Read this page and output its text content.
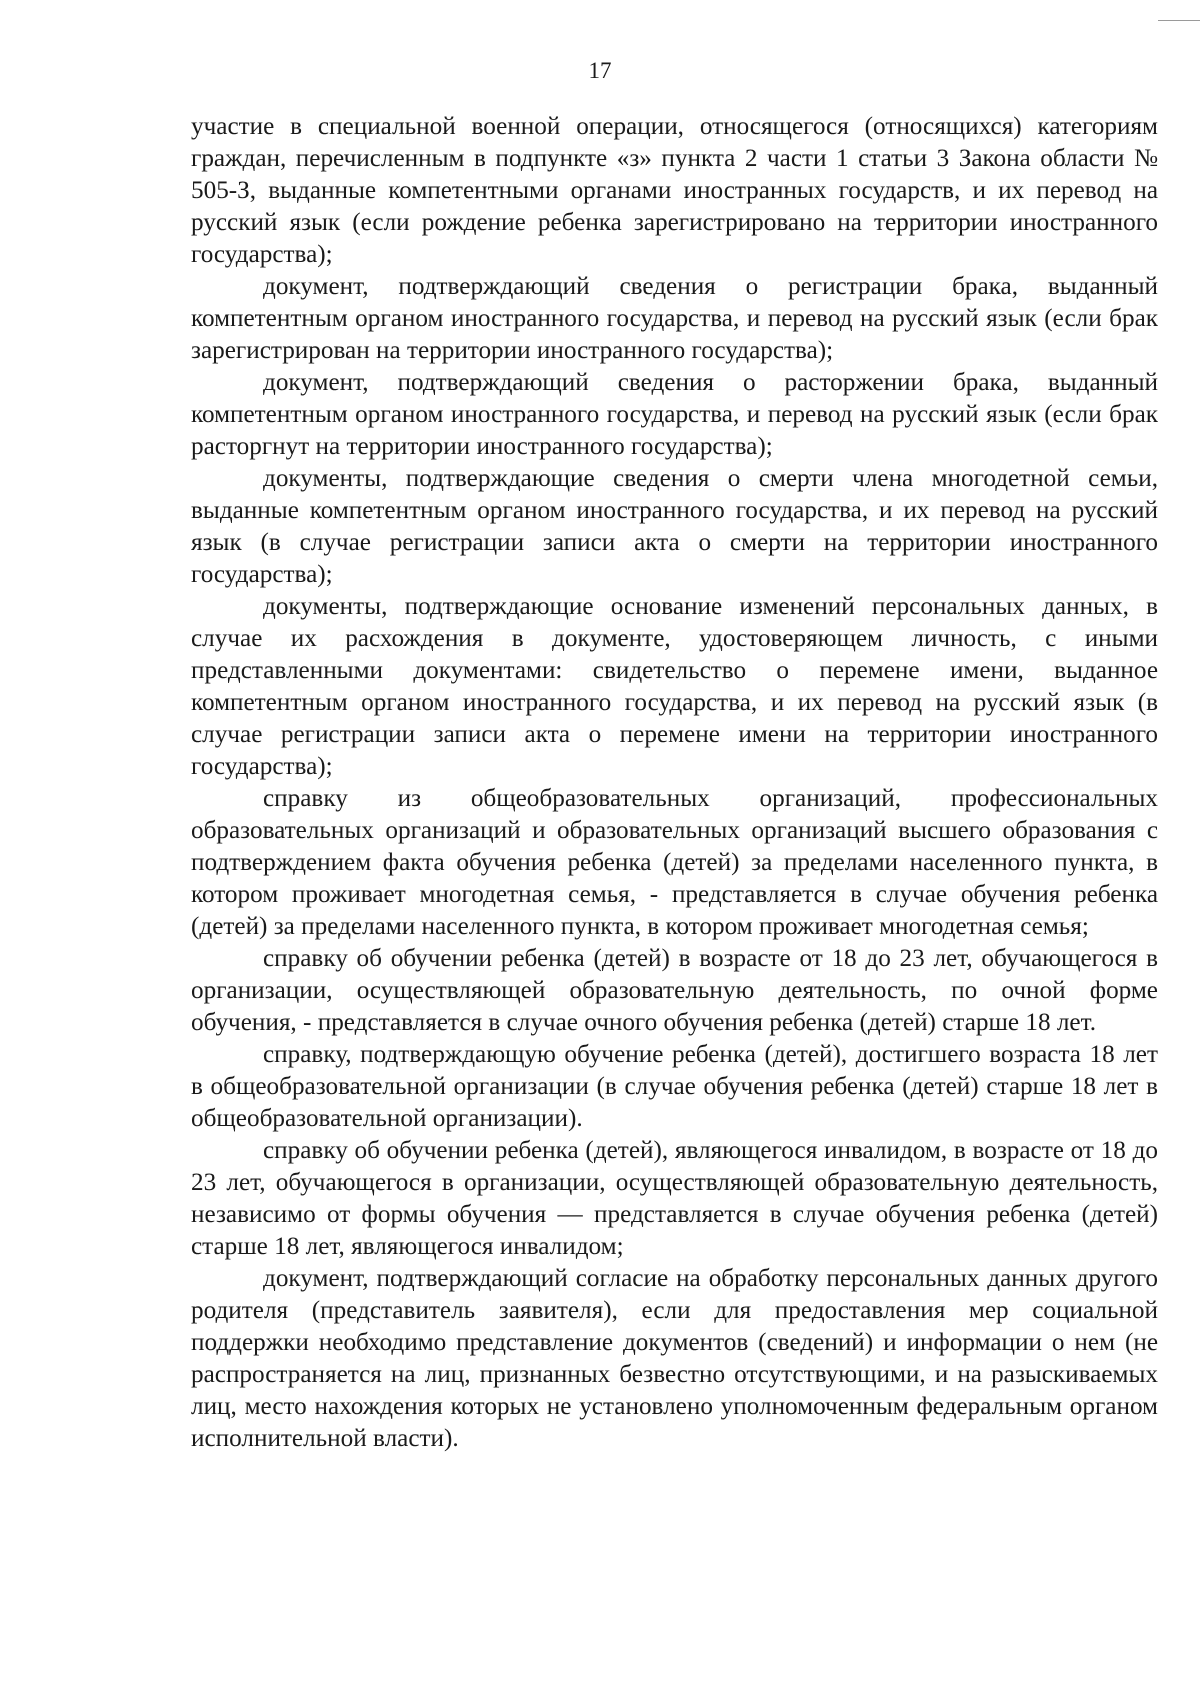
17

участие в специальной военной операции, относящегося (относящихся) категориям граждан, перечисленным в подпункте «з» пункта 2 части 1 статьи 3 Закона области № 505-З, выданные компетентными органами иностранных государств, и их перевод на русский язык (если рождение ребенка зарегистрировано на территории иностранного государства);

документ, подтверждающий сведения о регистрации брака, выданный компетентным органом иностранного государства, и перевод на русский язык (если брак зарегистрирован на территории иностранного государства);

документ, подтверждающий сведения о расторжении брака, выданный компетентным органом иностранного государства, и перевод на русский язык (если брак расторгнут на территории иностранного государства);

документы, подтверждающие сведения о смерти члена многодетной семьи, выданные компетентным органом иностранного государства, и их перевод на русский язык (в случае регистрации записи акта о смерти на территории иностранного государства);

документы, подтверждающие основание изменений персональных данных, в случае их расхождения в документе, удостоверяющем личность, с иными представленными документами: свидетельство о перемене имени, выданное компетентным органом иностранного государства, и их перевод на русский язык (в случае регистрации записи акта о перемене имени на территории иностранного государства);

справку из общеобразовательных организаций, профессиональных образовательных организаций и образовательных организаций высшего образования с подтверждением факта обучения ребенка (детей) за пределами населенного пункта, в котором проживает многодетная семья, - представляется в случае обучения ребенка (детей) за пределами населенного пункта, в котором проживает многодетная семья;

справку об обучении ребенка (детей) в возрасте от 18 до 23 лет, обучающегося в организации, осуществляющей образовательную деятельность, по очной форме обучения, - представляется в случае очного обучения ребенка (детей) старше 18 лет.

справку, подтверждающую обучение ребенка (детей), достигшего возраста 18 лет в общеобразовательной организации (в случае обучения ребенка (детей) старше 18 лет в общеобразовательной организации).

справку об обучении ребенка (детей), являющегося инвалидом, в возрасте от 18 до 23 лет, обучающегося в организации, осуществляющей образовательную деятельность, независимо от формы обучения — представляется в случае обучения ребенка (детей) старше 18 лет, являющегося инвалидом;

документ, подтверждающий согласие на обработку персональных данных другого родителя (представитель заявителя), если для предоставления мер социальной поддержки необходимо представление документов (сведений) и информации о нем (не распространяется на лиц, признанных безвестно отсутствующими, и на разыскиваемых лиц, место нахождения которых не установлено уполномоченным федеральным органом исполнительной власти).
